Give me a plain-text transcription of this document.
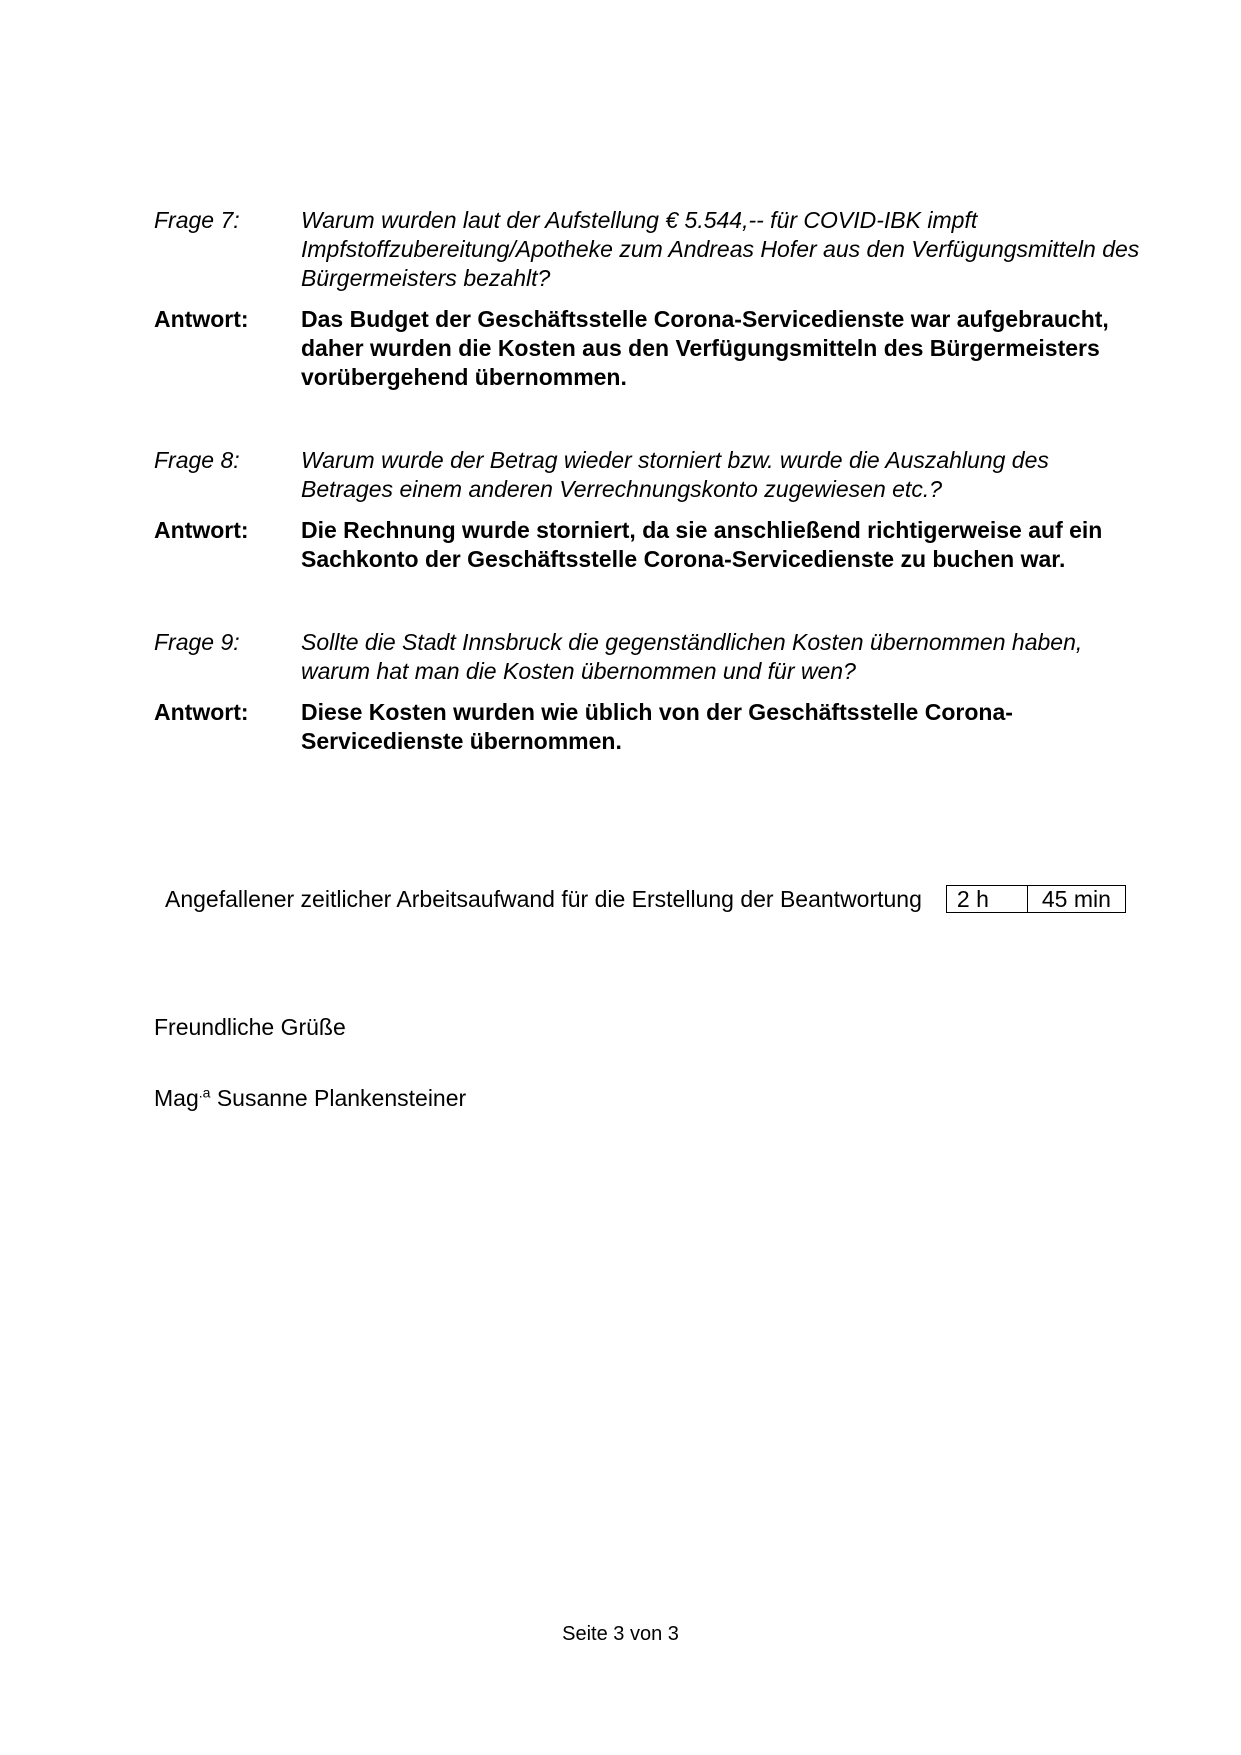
Frage 7:	Warum wurden laut der Aufstellung € 5.544,-- für COVID-IBK impft Impfstoffzubereitung/Apotheke zum Andreas Hofer aus den Verfügungsmitteln des Bürgermeisters bezahlt?
Antwort:	Das Budget der Geschäftsstelle Corona-Servicedienste war aufgebraucht, daher wurden die Kosten aus den Verfügungsmitteln des Bürgermeisters vorübergehend übernommen.
Frage 8:	Warum wurde der Betrag wieder storniert bzw. wurde die Auszahlung des Betrages einem anderen Verrechnungskonto zugewiesen etc.?
Antwort:	Die Rechnung wurde storniert, da sie anschließend richtigerweise auf ein Sachkonto der Geschäftsstelle Corona-Servicedienste zu buchen war.
Frage 9:	Sollte die Stadt Innsbruck die gegenständlichen Kosten übernommen haben, warum hat man die Kosten übernommen und für wen?
Antwort:	Diese Kosten wurden wie üblich von der Geschäftsstelle Corona-Servicedienste übernommen.
Angefallener zeitlicher Arbeitsaufwand für die Erstellung der Beantwortung	2 h	45 min
Freundliche Grüße
Mag$^{.a}$ Susanne Plankensteiner
Seite 3 von 3
